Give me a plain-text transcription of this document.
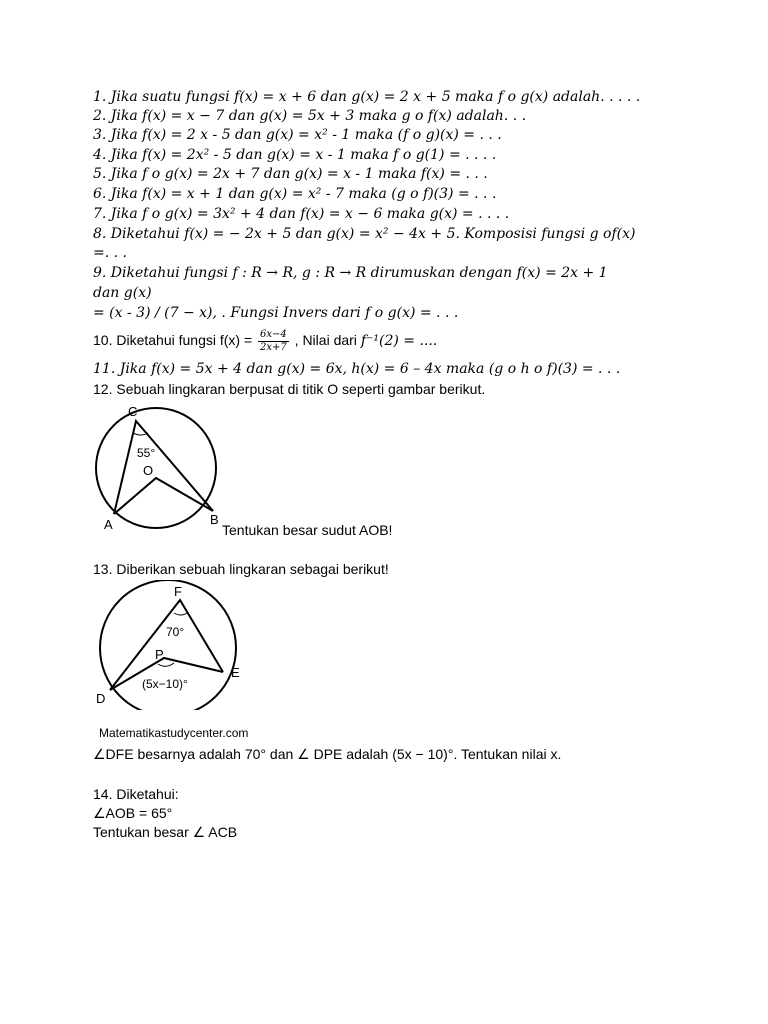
1. Jika suatu fungsi f(x) = x + 6 dan g(x) = 2 x + 5 maka f o g(x) adalah. . . . .
2. Jika f(x) = x − 7 dan g(x) = 5x + 3 maka g o f(x) adalah. . .
3. Jika f(x) = 2 x - 5 dan g(x) = x² - 1 maka (f o g)(x) = . . .
4. Jika f(x) = 2x² - 5 dan g(x) = x - 1 maka f o g(1) = . . . .
5. Jika f o g(x) = 2x + 7 dan g(x) = x - 1 maka f(x) = . . .
6. Jika f(x) = x + 1 dan g(x) = x² - 7 maka (g o f)(3) = . . .
7. Jika f o g(x) = 3x² + 4 dan f(x) = x − 6 maka g(x) = . . . .
8. Diketahui f(x) = − 2x + 5 dan g(x) = x² − 4x + 5. Komposisi fungsi g of(x)
=. . .
9. Diketahui fungsi f : R → R, g : R → R dirumuskan dengan f(x) = 2x + 1
dan g(x)
= (x - 3) / (7 − x), . Fungsi Invers dari f o g(x) = . . .
10. Diketahui fungsi $f(x) = \frac{6x-4}{2x+7}$ , Nilai dari f⁻¹(2) = ....
11. Jika f(x) = 5x + 4 dan g(x) = 6x, h(x) = 6 – 4x maka (g o h o f)(3) = . . .
12. Sebuah lingkaran berpusat di titik O seperti gambar berikut.
C
55°
O
A	B
Tentukan besar sudut AOB!
13. Diberikan sebuah lingkaran sebagai berikut!
F
70°
P
(5x−10)°
D
E
Matematikastudycenter.com
∠DFE besarnya adalah 70° dan ∠ DPE adalah (5x − 10)°. Tentukan nilai x.
14. Diketahui:
∠AOB = 65°
Tentukan besar ∠ ACB
